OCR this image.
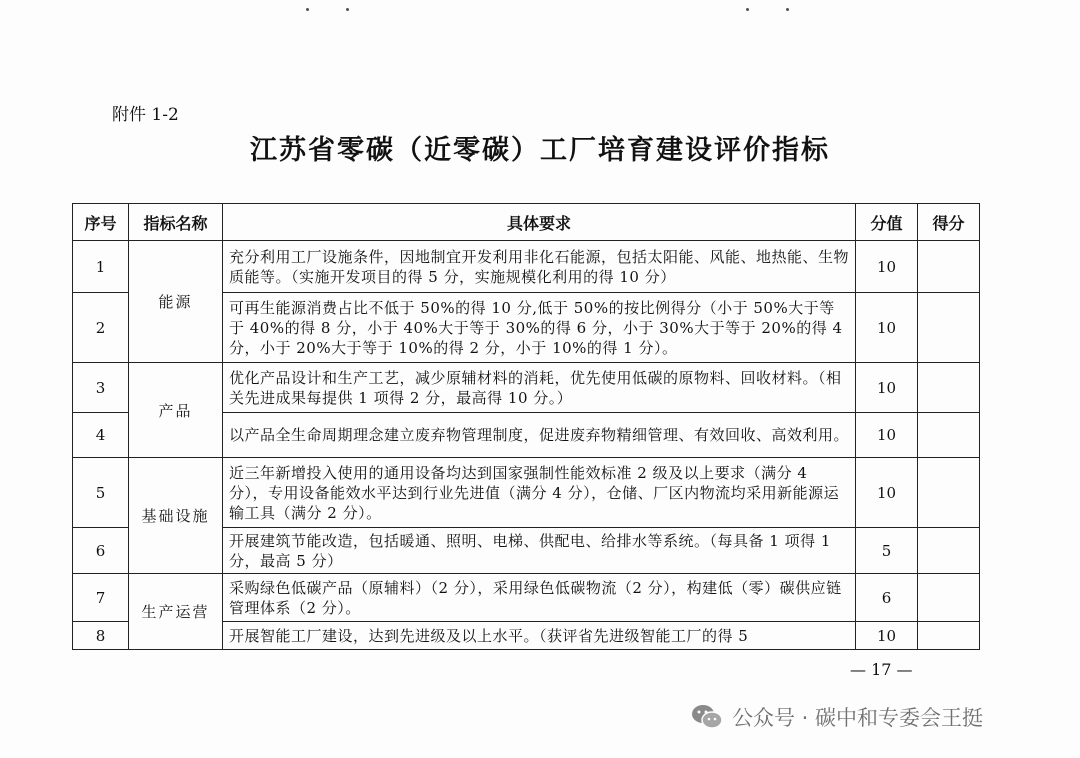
附件 1-2
江苏省零碳（近零碳）工厂培育建设评价指标
序号	指标名称	具体要求	分值	得分
1	能源	充分利用工厂设施条件，因地制宜开发利用非化石能源，包括太阳能、风能、地热能、生物质能等。（实施开发项目的得 5 分，实施规模化利用的得 10 分）	10	
2		可再生能源消费占比不低于 50%的得 10 分,低于 50%的按比例得分（小于 50%大于等于 40%的得 8 分，小于 40%大于等于 30%的得 6 分，小于 30%大于等于 20%的得 4 分，小于 20%大于等于 10%的得 2 分，小于 10%的得 1 分）。	10	
3	产品	优化产品设计和生产工艺，减少原辅材料的消耗，优先使用低碳的原物料、回收材料。（相关先进成果每提供 1 项得 2 分，最高得 10 分。）	10	
4		以产品全生命周期理念建立废弃物管理制度，促进废弃物精细管理、有效回收、高效利用。	10	
5	基础设施	近三年新增投入使用的通用设备均达到国家强制性能效标准 2 级及以上要求（满分 4 分），专用设备能效水平达到行业先进值（满分 4 分），仓储、厂区内物流均采用新能源运输工具（满分 2 分）。	10	
6		开展建筑节能改造，包括暖通、照明、电梯、供配电、给排水等系统。（每具备 1 项得 1 分，最高 5 分）	5	
7	生产运营	采购绿色低碳产品（原辅料）（2 分），采用绿色低碳物流（2 分），构建低（零）碳供应链管理体系（2 分）。	6	
8		开展智能工厂建设，达到先进级及以上水平。（获评省先进级智能工厂的得 5	10	
— 17 —
公众号 · 碳中和专委会王挺
